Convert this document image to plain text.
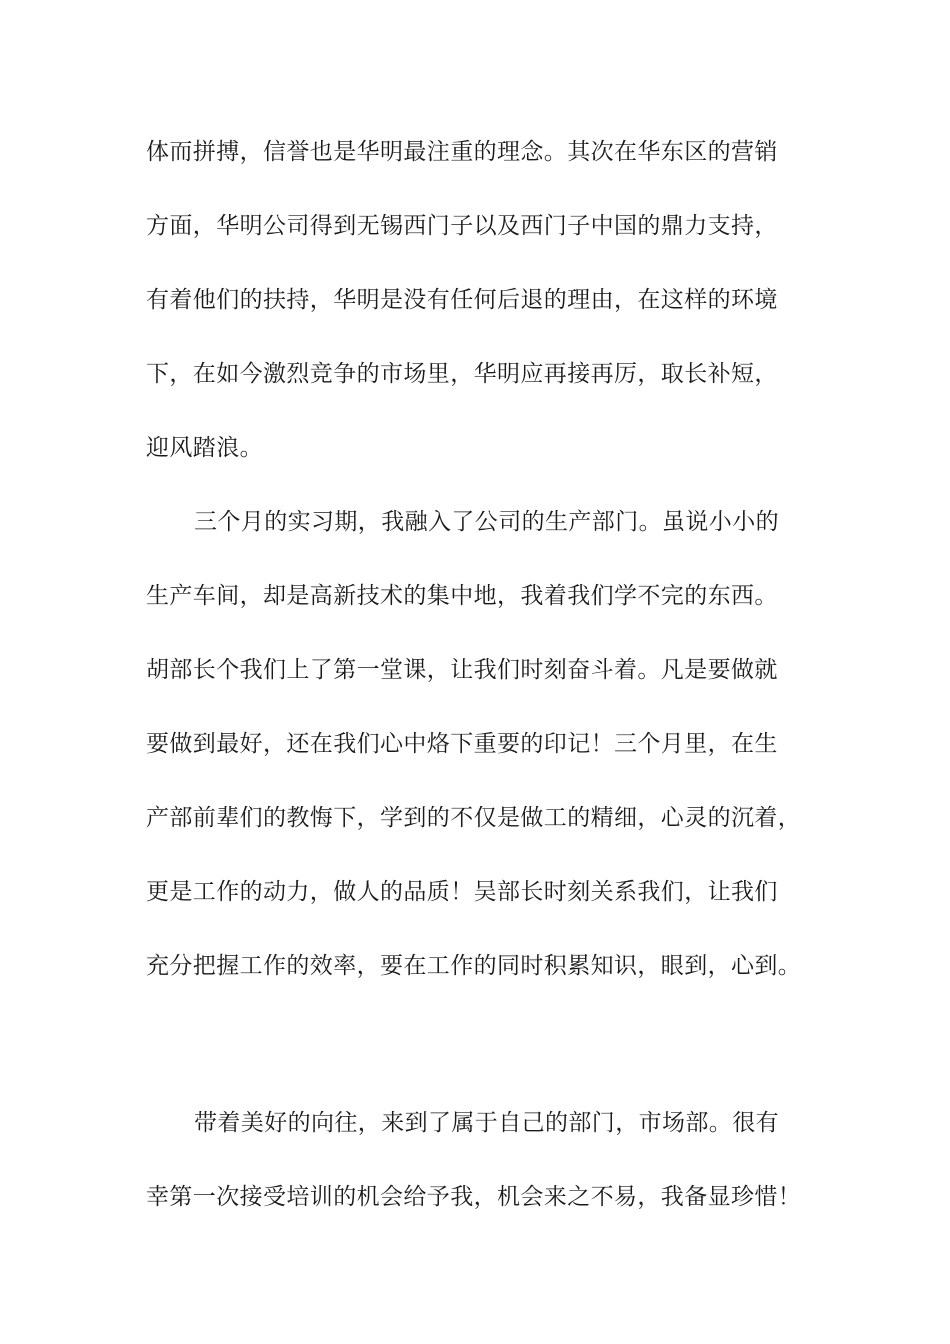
体而拼搏，信誉也是华明最注重的理念。其次在华东区的营销
方面，华明公司得到无锡西门子以及西门子中国的鼎力支持，
有着他们的扶持，华明是没有任何后退的理由，在这样的环境
下，在如今激烈竞争的市场里，华明应再接再厉，取长补短，
迎风踏浪。
三个月的实习期，我融入了公司的生产部门。虽说小小的
生产车间，却是高新技术的集中地，我着我们学不完的东西。
胡部长个我们上了第一堂课，让我们时刻奋斗着。凡是要做就
要做到最好，还在我们心中烙下重要的印记！三个月里，在生
产部前辈们的教悔下，学到的不仅是做工的精细，心灵的沉着，
更是工作的动力，做人的品质！吴部长时刻关系我们，让我们
充分把握工作的效率，要在工作的同时积累知识，眼到，心到。
带着美好的向往，来到了属于自己的部门，市场部。很有
幸第一次接受培训的机会给予我，机会来之不易，我备显珍惜！
